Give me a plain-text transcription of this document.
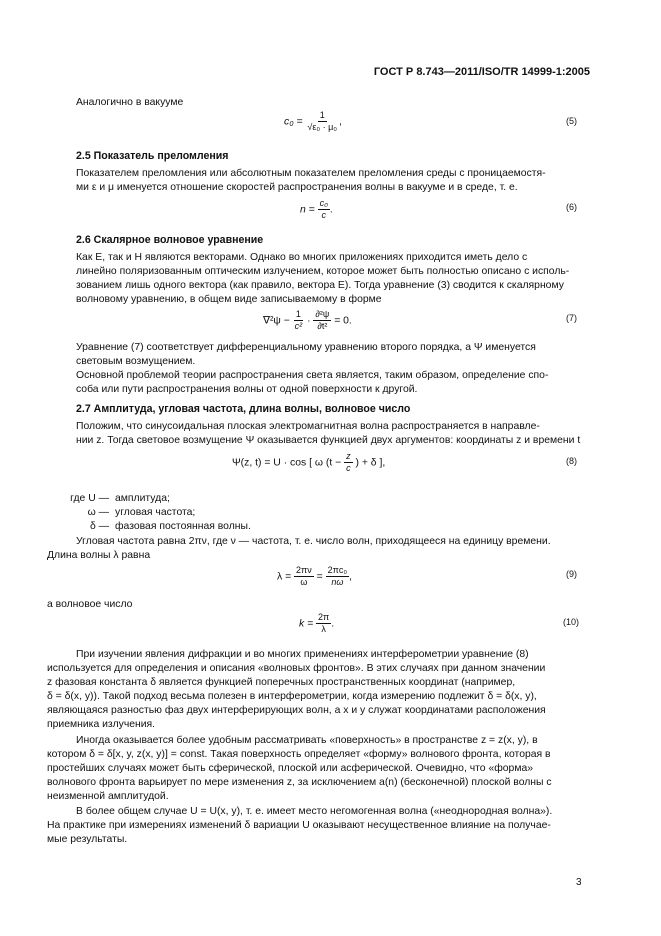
ГОСТ Р 8.743—2011/ISO/TR 14999-1:2005
Аналогично в вакууме
$c_0 = \frac{1}{\text{√ε₀ · μ₀}}$ ,	(5)
2.5 Показатель преломления
Показателем преломления или абсолютным показателем преломления среды с проницаемостя-
ми ε и μ именуется отношение скоростей распространения волны в вакууме и в среде, т. е.
$n = \frac{\text{c₀}}{c}$ .	(6)
2.6 Скалярное волновое уравнение
Как E, так и H являются векторами. Однако во многих приложениях приходится иметь дело с
линейно поляризованным оптическим излучением, которое может быть полностью описано с исполь-
зованием лишь одного вектора (как правило, вектора E). Тогда уравнение (3) сводится к скалярному
волновому уравнению, в общем виде записываемому в форме
$\nabla^2\psi - \frac{1}{\text{c²}} \cdot \frac{\text{∂²ψ}}{\text{∂t²}} = 0$.	(7)
Уравнение (7) соответствует дифференциальному уравнению второго порядка, а Ψ именуется
световым возмущением.
Основной проблемой теории распространения света является, таким образом, определение спо-
соба или пути распространения волны от одной поверхности к другой.
2.7 Амплитуда, угловая частота, длина волны, волновое число
Положим, что синусоидальная плоская электромагнитная волна распространяется в направле-
нии z. Тогда световое возмущение Ψ оказывается функцией двух аргументов: координаты z и времени t
Ψ(z, t) = U · cos [ ω ($t - \frac{z}{c}$ ) + δ ],	(8)
где U — амплитуда;
ω — угловая частота;
δ — фазовая постоянная волны.
Угловая частота равна 2πν, где ν — частота, т. е. число волн, приходящееся на единицу времени.
Длина волны λ равна
$\lambda = \frac{2\pi\nu}{\omega} = \frac{\text{2πc₀}}{n\omega}$ ,	(9)
а волновое число
$k = \frac{2\pi}{\lambda}$ .	(10)
При изучении явления дифракции и во многих применениях интерферометрии уравнение (8)
используется для определения и описания «волновых фронтов». В этих случаях при данном значении
z фазовая константа δ является функцией поперечных пространственных координат (например,
δ = δ(x, y)). Такой подход весьма полезен в интерферометрии, когда измерению подлежит δ = δ(x, y),
являющаяся разностью фаз двух интерферирующих волн, а x и y служат координатами расположения
приемника излучения.
Иногда оказывается более удобным рассматривать «поверхность» в пространстве z = z(x, y), в
котором δ = δ[x, y, z(x, y)] = const. Такая поверхность определяет «форму» волнового фронта, которая в
простейших случаях может быть сферической, плоской или асферической. Очевидно, что «форма»
волнового фронта варьирует по мере изменения z, за исключением a(n) (бесконечной) плоской волны с
неизменной амплитудой.
В более общем случае U = U(x, y), т. е. имеет место негомогенная волна («неоднородная волна»).
На практике при измерениях изменений δ вариации U оказывают несущественное влияние на получае-
мые результаты.
3
